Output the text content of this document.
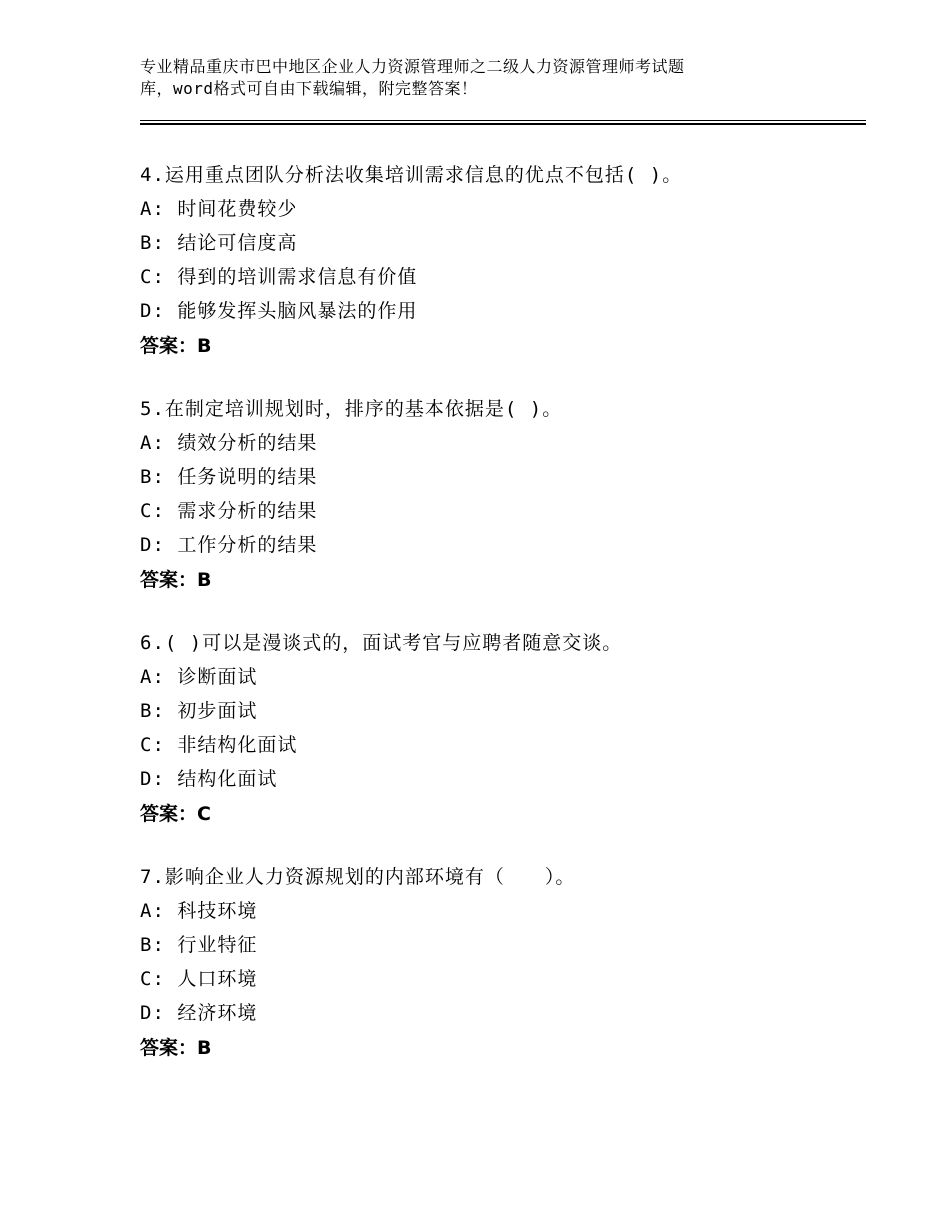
专业精品重庆市巴中地区企业人力资源管理师之二级人力资源管理师考试题
库，word格式可自由下载编辑，附完整答案！
4.运用重点团队分析法收集培训需求信息的优点不包括( )。
A: 时间花费较少
B: 结论可信度高
C: 得到的培训需求信息有价值
D: 能够发挥头脑风暴法的作用
答案：B
5.在制定培训规划时，排序的基本依据是( )。
A: 绩效分析的结果
B: 任务说明的结果
C: 需求分析的结果
D: 工作分析的结果
答案：B
6.( )可以是漫谈式的，面试考官与应聘者随意交谈。
A: 诊断面试
B: 初步面试
C: 非结构化面试
D: 结构化面试
答案：C
7.影响企业人力资源规划的内部环境有（　　）。
A: 科技环境
B: 行业特征
C: 人口环境
D: 经济环境
答案：B
